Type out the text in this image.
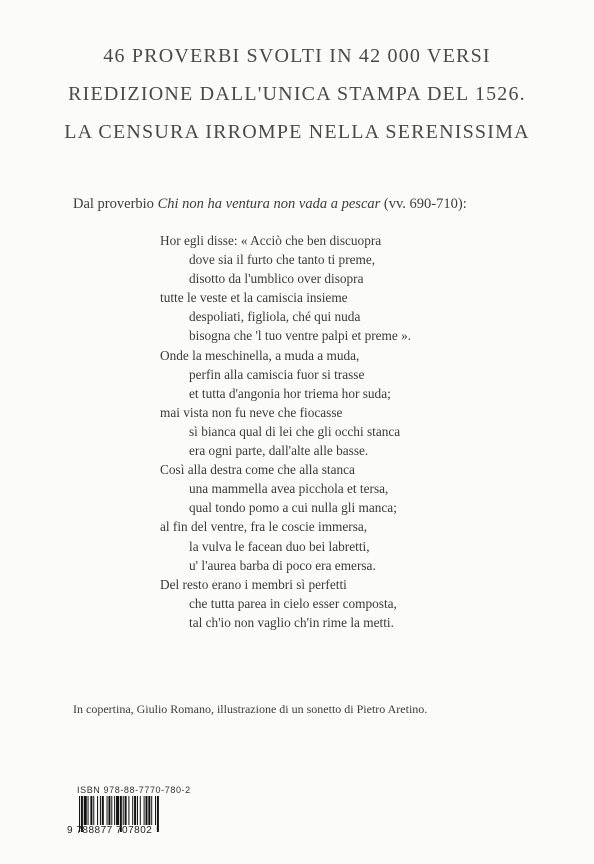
46 PROVERBI SVOLTI IN 42 000 VERSI
RIEDIZIONE DALL'UNICA STAMPA DEL 1526.
LA CENSURA IRROMPE NELLA SERENISSIMA
Dal proverbio Chi non ha ventura non vada a pescar (vv. 690-710):
Hor egli disse: « Acciò che ben discuopra
dove sia il furto che tanto ti preme,
disotto da l'umblico over disopra
tutte le veste et la camiscia insieme
despoliati, figliola, ché qui nuda
bisogna che 'l tuo ventre palpi et preme ».
Onde la meschinella, a muda a muda,
perfin alla camiscia fuor si trasse
et tutta d'angonia hor triema hor suda;
mai vista non fu neve che fiocasse
sì bianca qual di lei che gli occhi stanca
era ogni parte, dall'alte alle basse.
Così alla destra come che alla stanca
una mammella avea picchola et tersa,
qual tondo pomo a cui nulla gli manca;
al fin del ventre, fra le coscie immersa,
la vulva le facean duo bei labretti,
u' l'aurea barba di poco era emersa.
Del resto erano i membri sì perfetti
che tutta parea in cielo esser composta,
tal ch'io non vaglio ch'in rime la metti.
In copertina, Giulio Romano, illustrazione di un sonetto di Pietro Aretino.
ISBN 978-88-7770-780-2
9 788877 707802
